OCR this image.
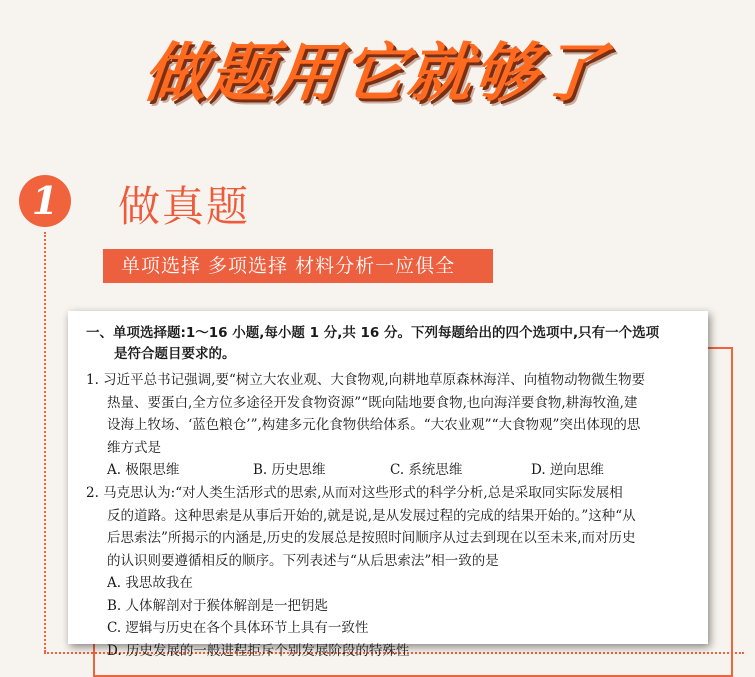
做题用它就够了
1	做真题
单项选择 多项选择 材料分析一应俱全
一、单项选择题:1～16 小题,每小题 1 分,共 16 分。下列每题给出的四个选项中,只有一个选项
是符合题目要求的。
1. 习近平总书记强调,要“树立大农业观、大食物观,向耕地草原森林海洋、向植物动物微生物要
热量、要蛋白,全方位多途径开发食物资源”“既向陆地要食物,也向海洋要食物,耕海牧渔,建
设海上牧场、‘蓝色粮仓’”,构建多元化食物供给体系。“大农业观”“大食物观”突出体现的思
维方式是
A. 极限思维	B. 历史思维	C. 系统思维	D. 逆向思维
2. 马克思认为:“对人类生活形式的思索,从而对这些形式的科学分析,总是采取同实际发展相
反的道路。这种思索是从事后开始的,就是说,是从发展过程的完成的结果开始的。”这种“从
后思索法”所揭示的内涵是,历史的发展总是按照时间顺序从过去到现在以至未来,而对历史
的认识则要遵循相反的顺序。下列表述与“从后思索法”相一致的是
A. 我思故我在
B. 人体解剖对于猴体解剖是一把钥匙
C. 逻辑与历史在各个具体环节上具有一致性
D. 历史发展的一般进程拒斥个别发展阶段的特殊性
